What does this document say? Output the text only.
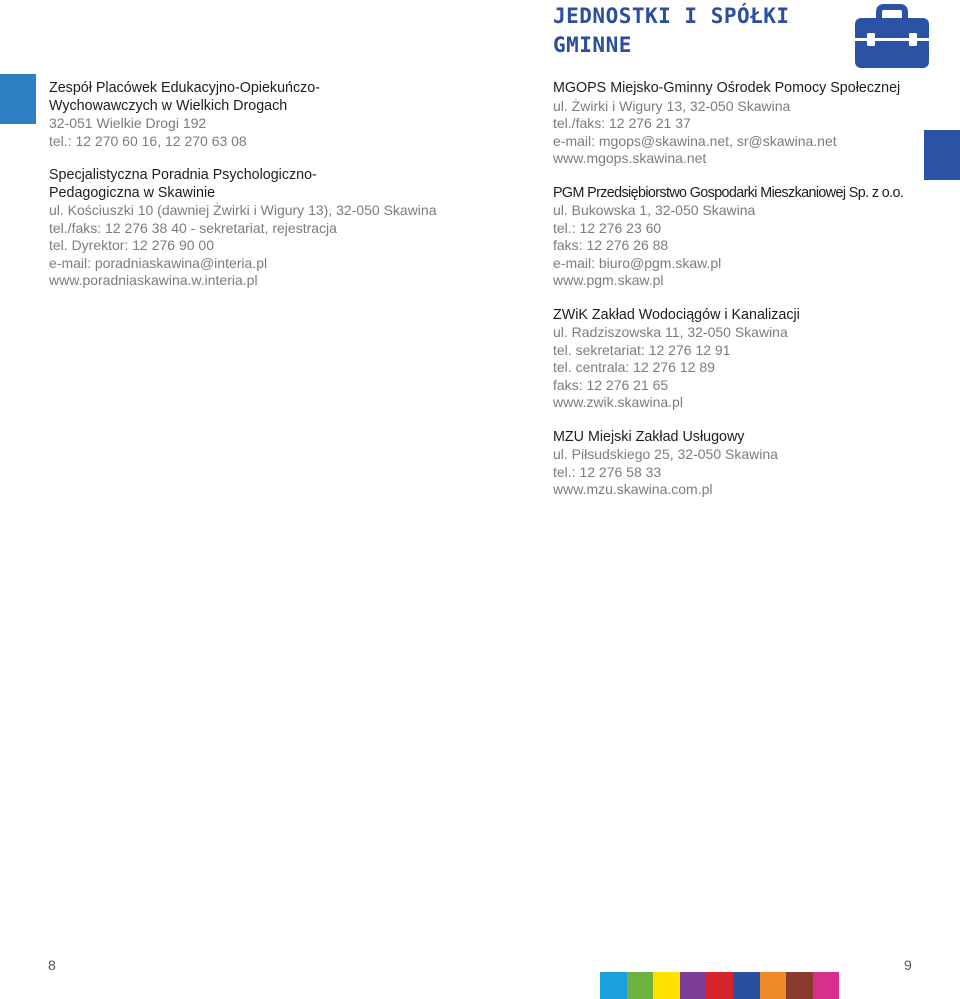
JEDNOSTKI I SPÓŁKI GMINNE
Zespół Placówek Edukacyjno-Opiekuńczo-
Wychowawczych w Wielkich Drogach
32-051 Wielkie Drogi 192
tel.: 12 270 60 16, 12 270 63 08
Specjalistyczna Poradnia Psychologiczno-
Pedagogiczna w Skawinie
ul. Kościuszki 10 (dawniej Żwirki i Wigury 13), 32-050 Skawina
tel./faks: 12 276 38 40 - sekretariat, rejestracja
tel. Dyrektor: 12 276 90 00
e-mail: poradniaskawina@interia.pl
www.poradniaskawina.w.interia.pl
MGOPS Miejsko-Gminny Ośrodek Pomocy Społecznej
ul. Żwirki i Wigury 13, 32-050 Skawina
tel./faks: 12 276 21 37
e-mail: mgops@skawina.net, sr@skawina.net
www.mgops.skawina.net
PGM Przedsiębiorstwo Gospodarki Mieszkaniowej Sp. z o.o.
ul. Bukowska 1, 32-050 Skawina
tel.: 12 276 23 60
faks: 12 276 26 88
e-mail: biuro@pgm.skaw.pl
www.pgm.skaw.pl
ZWiK Zakład Wodociągów i Kanalizacji
ul. Radziszowska 11, 32-050 Skawina
tel. sekretariat: 12 276 12 91
tel. centrala: 12 276 12 89
faks: 12 276 21 65
www.zwik.skawina.pl
MZU Miejski Zakład Usługowy
ul. Piłsudskiego 25, 32-050 Skawina
tel.: 12 276 58 33
www.mzu.skawina.com.pl
8	9
